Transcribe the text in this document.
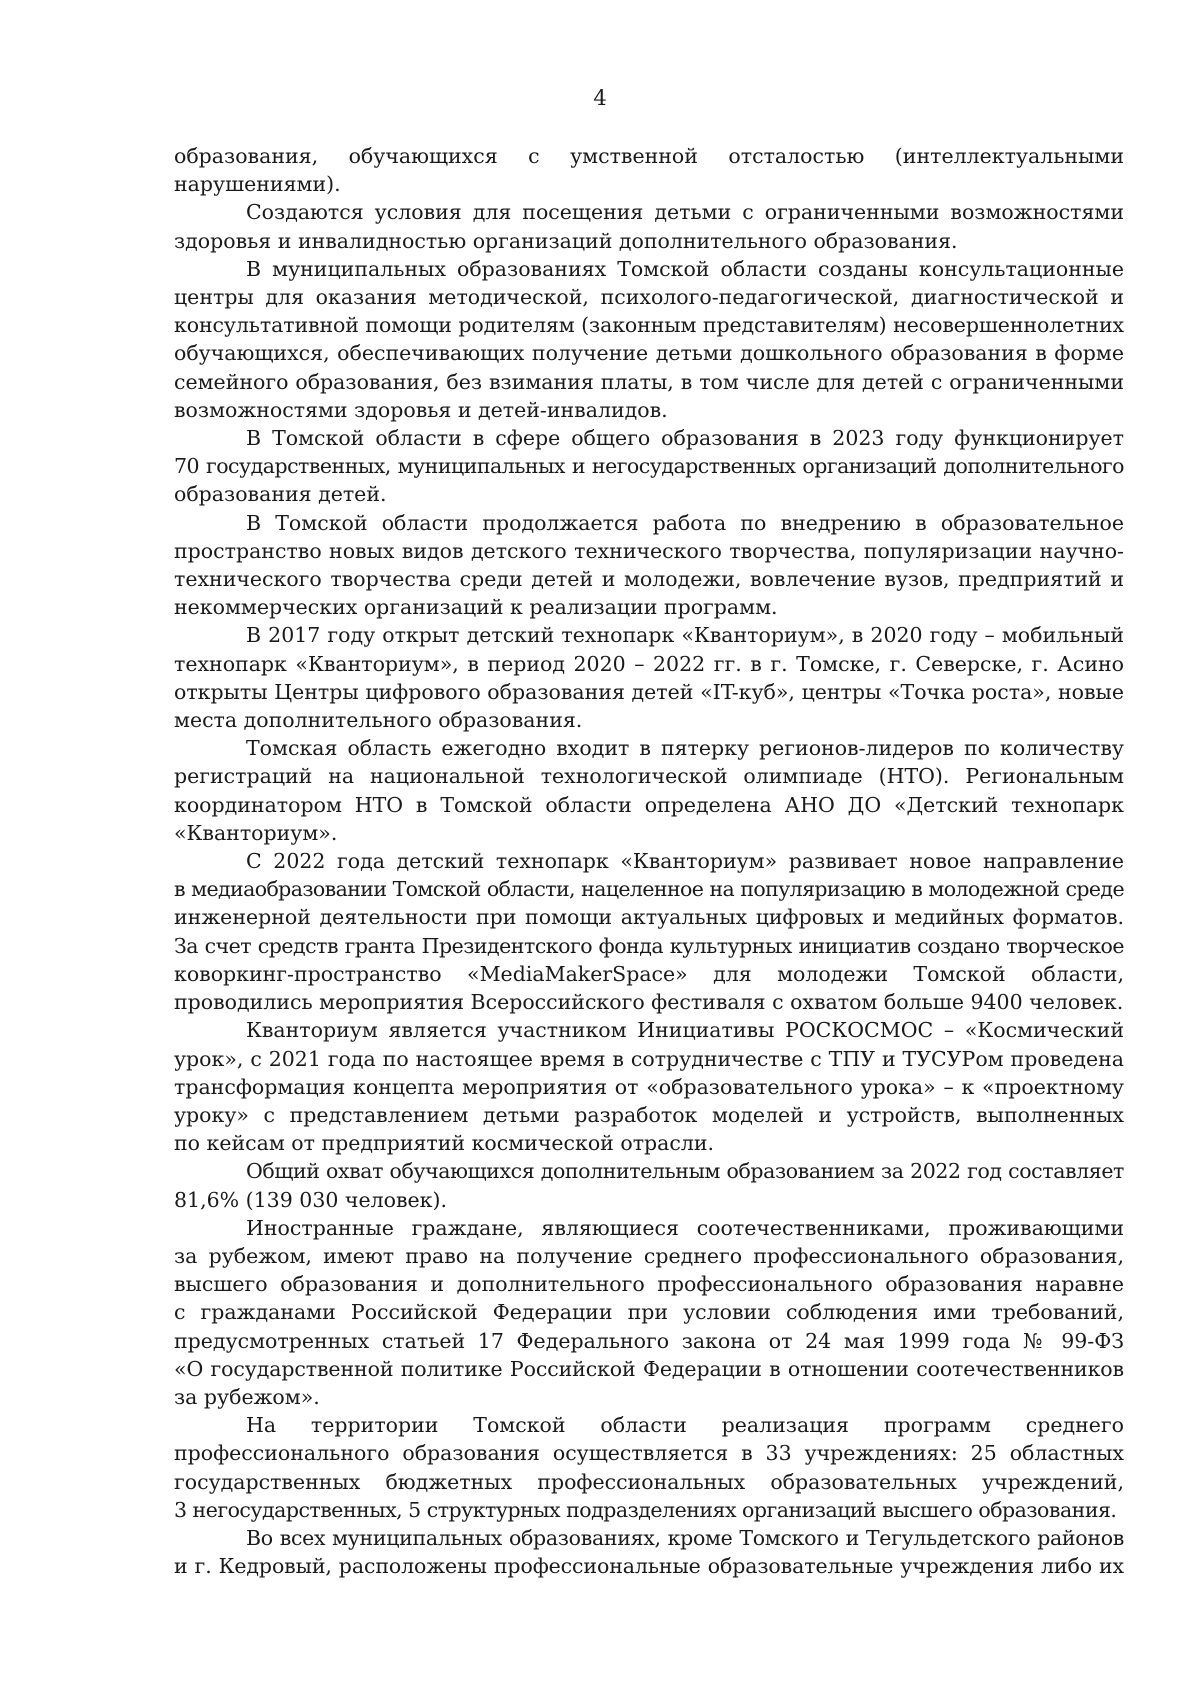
4
образования, обучающихся с умственной отсталостью (интеллектуальными
нарушениями).
Создаются условия для посещения детьми с ограниченными возможностями
здоровья и инвалидностью организаций дополнительного образования.
В муниципальных образованиях Томской области созданы консультационные
центры для оказания методической, психолого-педагогической, диагностической и
консультативной помощи родителям (законным представителям) несовершеннолетних
обучающихся, обеспечивающих получение детьми дошкольного образования в форме
семейного образования, без взимания платы, в том числе для детей с ограниченными
возможностями здоровья и детей-инвалидов.
В Томской области в сфере общего образования в 2023 году функционирует
70 государственных, муниципальных и негосударственных организаций дополнительного
образования детей.
В Томской области продолжается работа по внедрению в образовательное
пространство новых видов детского технического творчества, популяризации научно-
технического творчества среди детей и молодежи, вовлечение вузов, предприятий и
некоммерческих организаций к реализации программ.
В 2017 году открыт детский технопарк «Кванториум», в 2020 году – мобильный
технопарк «Кванториум», в период 2020 – 2022 гг. в г. Томске, г. Северске, г. Асино
открыты Центры цифрового образования детей «IT-куб», центры «Точка роста», новые
места дополнительного образования.
Томская область ежегодно входит в пятерку регионов-лидеров по количеству
регистраций на национальной технологической олимпиаде (НТО). Региональным
координатором НТО в Томской области определена АНО ДО «Детский технопарк
«Кванториум».
С 2022 года детский технопарк «Кванториум» развивает новое направление
в медиаобразовании Томской области, нацеленное на популяризацию в молодежной среде
инженерной деятельности при помощи актуальных цифровых и медийных форматов.
За счет средств гранта Президентского фонда культурных инициатив создано творческое
коворкинг-пространство «MediaMakerSpace» для молодежи Томской области,
проводились мероприятия Всероссийского фестиваля с охватом больше 9400 человек.
Кванториум является участником Инициативы РОСКОСМОС – «Космический
урок», с 2021 года по настоящее время в сотрудничестве с ТПУ и ТУСУРом проведена
трансформация концепта мероприятия от «образовательного урока» – к «проектному
уроку» с представлением детьми разработок моделей и устройств, выполненных
по кейсам от предприятий космической отрасли.
Общий охват обучающихся дополнительным образованием за 2022 год составляет
81,6% (139 030 человек).
Иностранные граждане, являющиеся соотечественниками, проживающими
за рубежом, имеют право на получение среднего профессионального образования,
высшего образования и дополнительного профессионального образования наравне
с гражданами Российской Федерации при условии соблюдения ими требований,
предусмотренных статьей 17 Федерального закона от 24 мая 1999 года № 99-ФЗ
«О государственной политике Российской Федерации в отношении соотечественников
за рубежом».
На территории Томской области реализация программ среднего
профессионального образования осуществляется в 33 учреждениях: 25 областных
государственных бюджетных профессиональных образовательных учреждений,
3 негосударственных, 5 структурных подразделениях организаций высшего образования.
Во всех муниципальных образованиях, кроме Томского и Тегульдетского районов
и г. Кедровый, расположены профессиональные образовательные учреждения либо их
